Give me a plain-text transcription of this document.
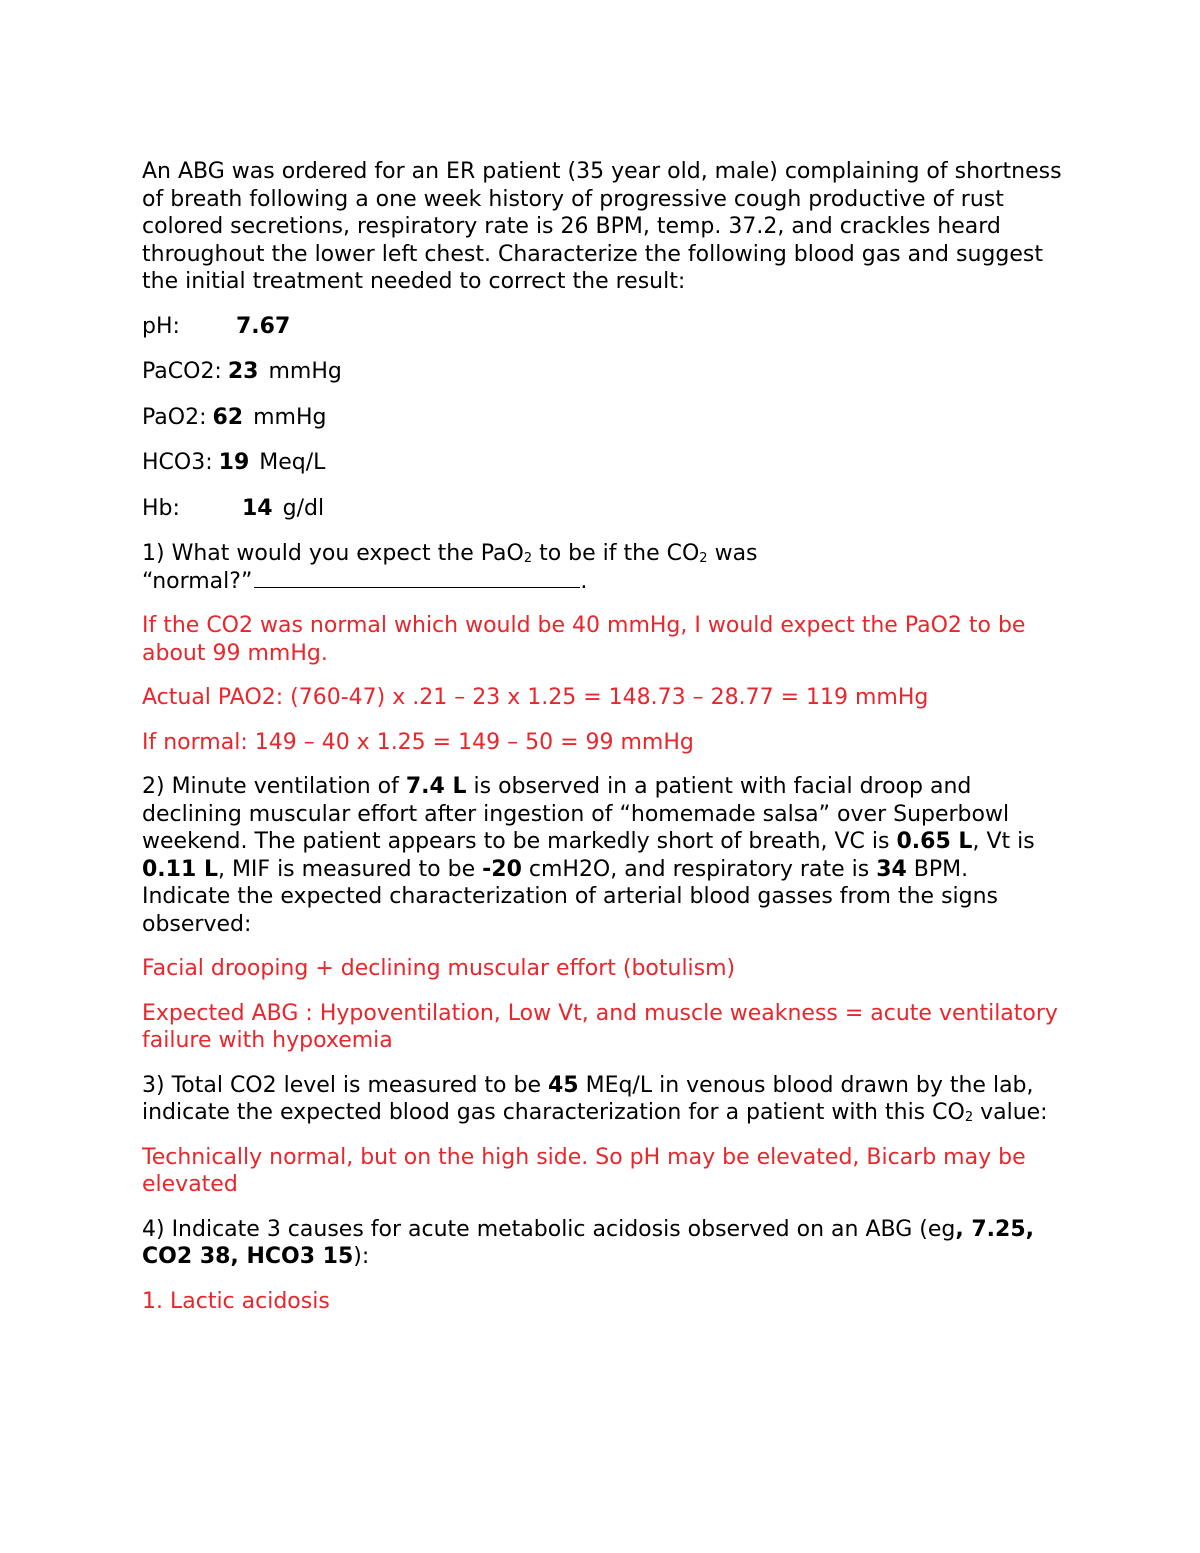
An ABG was ordered for an ER patient (35 year old, male) complaining of shortness of breath following a one week history of progressive cough productive of rust colored secretions, respiratory rate is 26 BPM, temp. 37.2, and crackles heard throughout the lower left chest. Characterize the following blood gas and suggest the initial treatment needed to correct the result:

pH:	7.67
PaCO2: 23 mmHg
PaO2: 62 mmHg
HCO3: 19 Meq/L
Hb:	14 g/dl

1) What would you expect the PaO$_2$ to be if the $CO_2$ was
“normal?”	.

If the CO2 was normal which would be 40 mmHg, I would expect the PaO2 to be about 99 mmHg.

Actual PAO2: (760-47) x .21 – 23 x 1.25 = 148.73 – 28.77 = 119 mmHg

If normal: 149 – 40 x 1.25 = 149 – 50 = 99 mmHg

2) Minute ventilation of 7.4 L is observed in a patient with facial droop and declining muscular effort after ingestion of “homemade salsa” over Superbowl weekend. The patient appears to be markedly short of breath, VC is 0.65 L, Vt is 0.11 L, MIF is measured to be -20 cmH2O, and respiratory rate is 34 BPM. Indicate the expected characterization of arterial blood gasses from the signs observed:

Facial drooping + declining muscular effort (botulism)

Expected ABG : Hypoventilation, Low Vt, and muscle weakness = acute ventilatory failure with hypoxemia

3) Total CO2 level is measured to be 45 MEq/L in venous blood drawn by the lab, indicate the expected blood gas characterization for a patient with this $CO_2$ value:

Technically normal, but on the high side. So pH may be elevated, Bicarb may be elevated

4) Indicate 3 causes for acute metabolic acidosis observed on an ABG (eg, 7.25, CO2 38, HCO3 15):

1. Lactic acidosis
